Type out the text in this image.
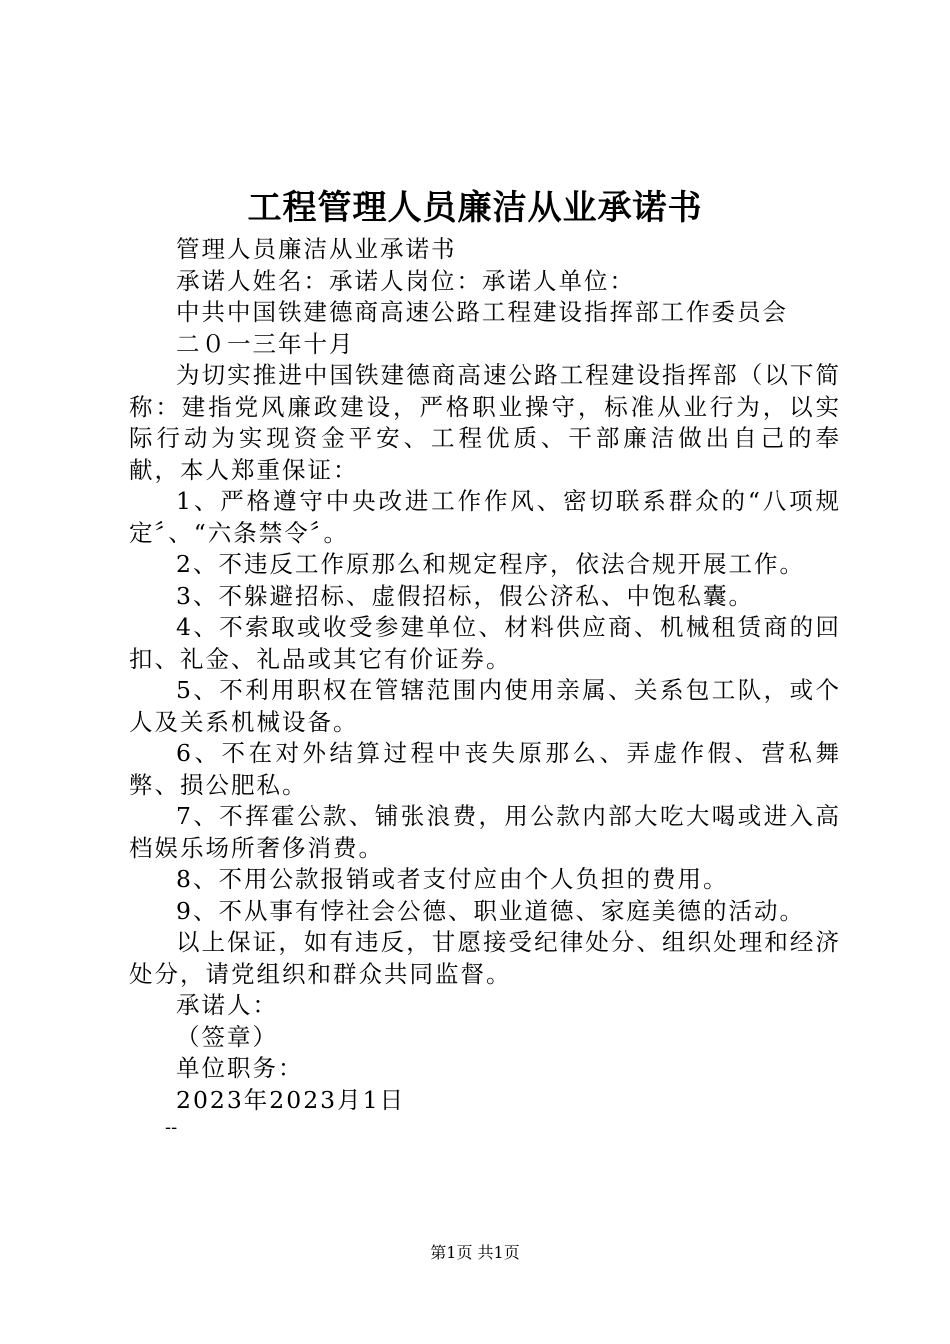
工程管理人员廉洁从业承诺书

管理人员廉洁从业承诺书

承诺人姓名：承诺人岗位：承诺人单位：

中共中国铁建德商高速公路工程建设指挥部工作委员会

二０一三年十月

为切实推进中国铁建德商高速公路工程建设指挥部（以下简称：建指党风廉政建设，严格职业操守，标准从业行为，以实际行动为实现资金平安、工程优质、干部廉洁做出自己的奉献，本人郑重保证：

1、严格遵守中央改进工作作风、密切联系群众的“八项规定〞、“六条禁令〞。

2、不违反工作原那么和规定程序，依法合规开展工作。

3、不躲避招标、虚假招标，假公济私、中饱私囊。

4、不索取或收受参建单位、材料供应商、机械租赁商的回扣、礼金、礼品或其它有价证券。

5、不利用职权在管辖范围内使用亲属、关系包工队，或个人及关系机械设备。

6、不在对外结算过程中丧失原那么、弄虚作假、营私舞弊、损公肥私。

7、不挥霍公款、铺张浪费，用公款内部大吃大喝或进入高档娱乐场所奢侈消费。

8、不用公款报销或者支付应由个人负担的费用。

9、不从事有悖社会公德、职业道德、家庭美德的活动。

以上保证，如有违反，甘愿接受纪律处分、组织处理和经济处分，请党组织和群众共同监督。

承诺人：

（签章）

单位职务：

2023年2023月1日

--

第1页 共1页
